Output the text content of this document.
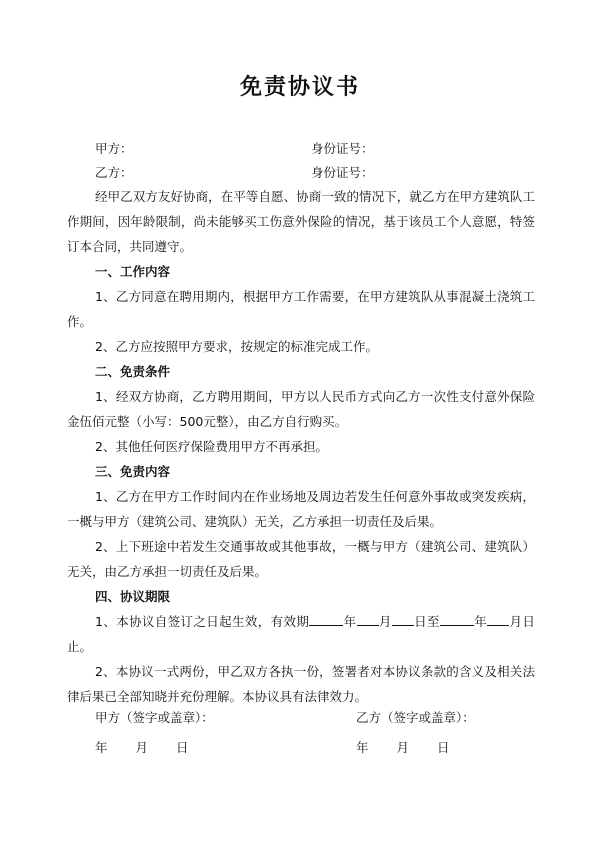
免责协议书
甲方：	身份证号：
乙方：	身份证号：

经甲乙双方友好协商，在平等自愿、协商一致的情况下，就乙方在甲方建筑队工作期间，因年龄限制，尚未能够买工伤意外保险的情况，基于该员工个人意愿，特签订本合同，共同遵守。

一、工作内容

1、乙方同意在聘用期内，根据甲方工作需要，在甲方建筑队从事混凝土浇筑工作。

2、乙方应按照甲方要求，按规定的标准完成工作。

二、免责条件

1、经双方协商，乙方聘用期间，甲方以人民币方式向乙方一次性支付意外保险金伍佰元整（小写：500元整），由乙方自行购买。

2、其他任何医疗保险费用甲方不再承担。

三、免责内容

1、乙方在甲方工作时间内在作业场地及周边若发生任何意外事故或突发疾病，一概与甲方（建筑公司、建筑队）无关，乙方承担一切责任及后果。

2、上下班途中若发生交通事故或其他事故，一概与甲方（建筑公司、建筑队）无关，由乙方承担一切责任及后果。

四、协议期限

1、本协议自签订之日起生效，有效期	年 月 日至	年 月日止。

2、本协议一式两份，甲乙双方各执一份，签署者对本协议条款的含义及相关法律后果已全部知晓并充份理解。本协议具有法律效力。

甲方（签字或盖章）：	乙方（签字或盖章）：
年 月 日	年 月 日
